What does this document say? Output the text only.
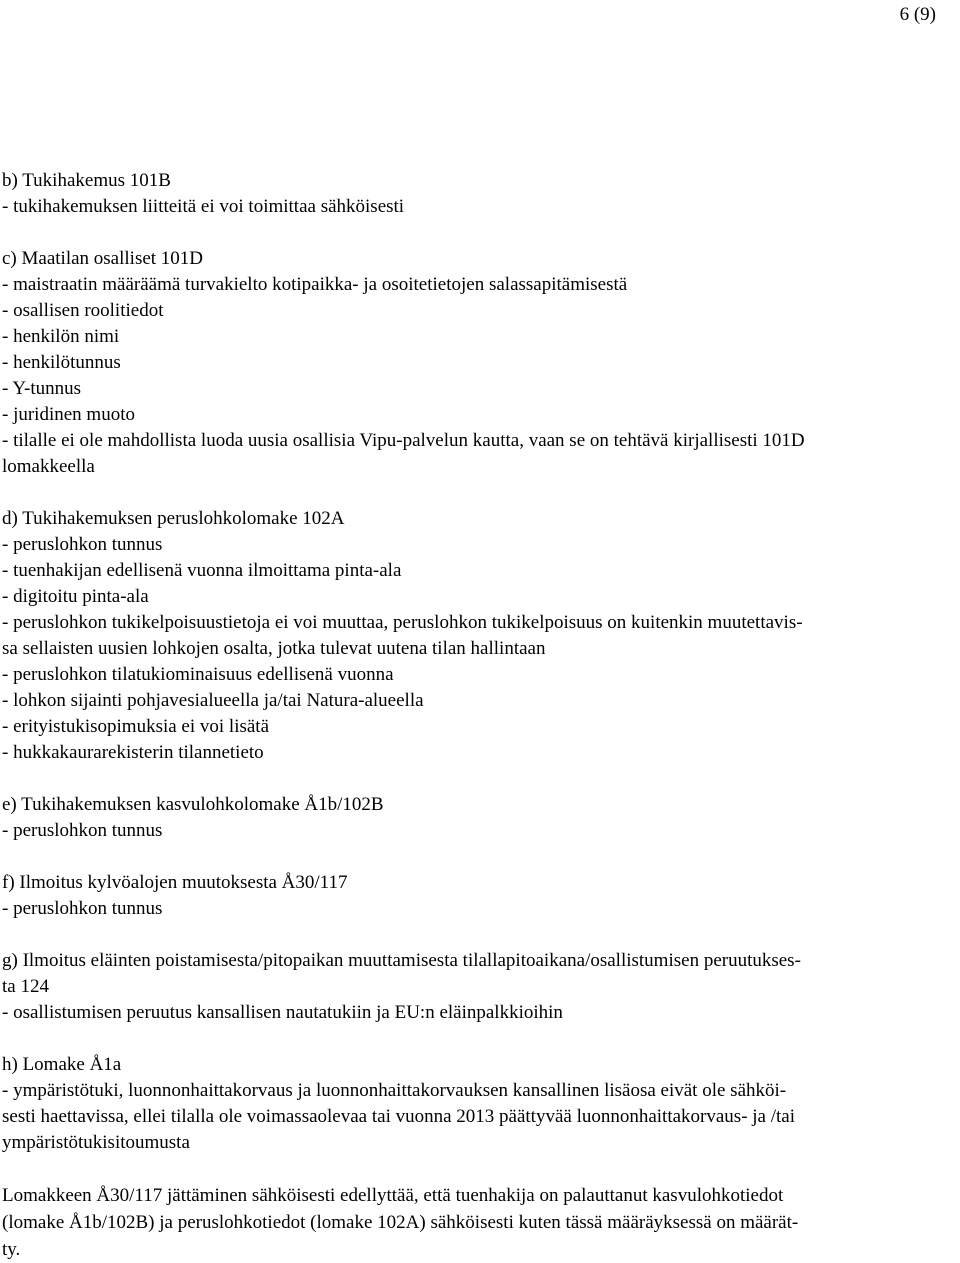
6 (9)
b) Tukihakemus 101B
- tukihakemuksen liitteitä ei voi toimittaa sähköisesti
c) Maatilan osalliset 101D
- maistraatin määräämä turvakielto kotipaikka- ja osoitetietojen salassapitämisestä
- osallisen roolitiedot
- henkilön nimi
- henkilötunnus
- Y-tunnus
- juridinen muoto
- tilalle ei ole mahdollista luoda uusia osallisia Vipu-palvelun kautta, vaan se on tehtävä kirjallisesti 101D
lomakkeella
d) Tukihakemuksen peruslohkolomake 102A
- peruslohkon tunnus
- tuenhakijan edellisenä vuonna ilmoittama pinta-ala
- digitoitu pinta-ala
- peruslohkon tukikelpoisuustietoja ei voi muuttaa, peruslohkon tukikelpoisuus on kuitenkin muutettavis-
sa sellaisten uusien lohkojen osalta, jotka tulevat uutena tilan hallintaan
- peruslohkon tilatukiominaisuus edellisenä vuonna
- lohkon sijainti pohjavesialueella ja/tai Natura-alueella
- erityistukisopimuksia ei voi lisätä
- hukkakaurarekisterin tilannetieto
e) Tukihakemuksen kasvulohkolomake Å1b/102B
- peruslohkon tunnus
f) Ilmoitus kylvöalojen muutoksesta Å30/117
- peruslohkon tunnus
g) Ilmoitus eläinten poistamisesta/pitopaikan muuttamisesta tilallapitoaikana/osallistumisen peruutukses-
ta 124
- osallistumisen peruutus kansallisen nautatukiin ja EU:n eläinpalkkioihin
h) Lomake Å1a
- ympäristötuki, luonnonhaittakorvaus ja luonnonhaittakorvauksen kansallinen lisäosa eivät ole sähköi-
sesti haettavissa, ellei tilalla ole voimassaolevaa tai vuonna 2013 päättyvää luonnonhaittakorvaus- ja /tai
ympäristötukisitoumusta
Lomakkeen Å30/117 jättäminen sähköisesti edellyttää, että tuenhakija on palauttanut kasvulohkotiedot
(lomake Å1b/102B) ja peruslohkotiedot (lomake 102A) sähköisesti kuten tässä määräyksessä on määrät-
ty.
